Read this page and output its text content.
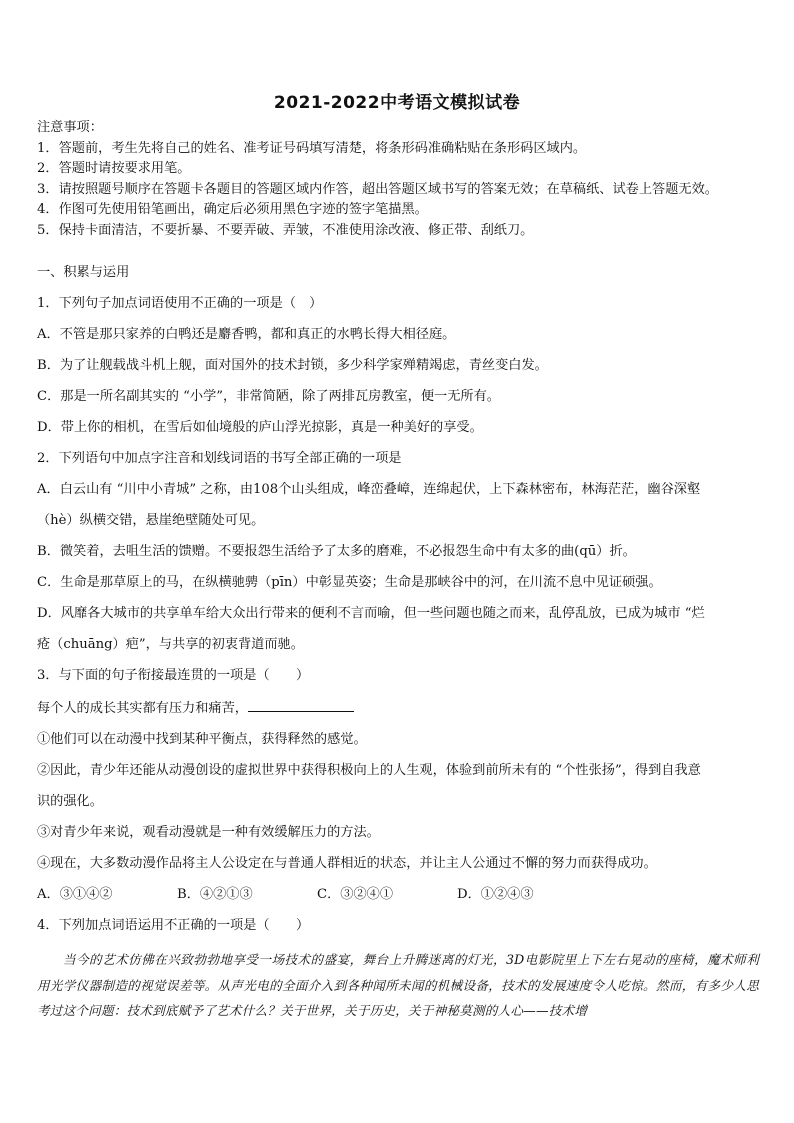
2021-2022中考语文模拟试卷

注意事项：

1．答题前，考生先将自己的姓名、准考证号码填写清楚，将条形码准确粘贴在条形码区域内。

2．答题时请按要求用笔。

3．请按照题号顺序在答题卡各题目的答题区域内作答，超出答题区域书写的答案无效；在草稿纸、试卷上答题无效。

4．作图可先使用铅笔画出，确定后必须用黑色字迹的签字笔描黑。

5．保持卡面清洁，不要折暴、不要弄破、弄皱，不准使用涂改液、修正带、刮纸刀。

一、积累与运用

1．下列句子加点词语使用不正确的一项是（　）

A．不管是那只家养的白鸭还是麝香鸭，都和真正的水鸭长得大相径庭。

B．为了让舰载战斗机上舰，面对国外的技术封锁，多少科学家殚精竭虑，青丝变白发。

C．那是一所名副其实的 “小学”，非常简陋，除了两排瓦房教室，便一无所有。

D．带上你的相机，在雪后如仙境般的庐山浮光掠影，真是一种美好的享受。

2．下列语句中加点字注音和划线词语的书写全部正确的一项是

A．白云山有 “川中小青城” 之称，由108个山头组成，峰峦叠嶂，连绵起伏，上下森林密布，林海茫茫，幽谷深壑

（hè）纵横交错，悬崖绝壁随处可见。

B．微笑着，去咀生活的馈赠。不要报怨生活给予了太多的磨难，不必报怨生命中有太多的曲(qū）折。

C．生命是那草原上的马，在纵横驰骋（pīn）中彰显英姿；生命是那峡谷中的河，在川流不息中见证硕强。

D．风靡各大城市的共享单车给大众出行带来的便利不言而喻，但一些问题也随之而来，乱停乱放，已成为城市 “烂

疮（chuāng）疤”，与共享的初衷背道而驰。

3．与下面的句子衔接最连贯的一项是（　　）

每个人的成长其实都有压力和痛苦，

①他们可以在动漫中找到某种平衡点，获得释然的感觉。

②因此，青少年还能从动漫创设的虚拟世界中获得积极向上的人生观，体验到前所未有的 “个性张扬”，得到自我意

识的强化。

③对青少年来说，观看动漫就是一种有效缓解压力的方法。

④现在，大多数动漫作品将主人公设定在与普通人群相近的状态，并让主人公通过不懈的努力而获得成功。

A．③①④②	B．④②①③	C．③②④①	D．①②④③

4．下列加点词语运用不正确的一项是（　　）

当今的艺术仿佛在兴致勃勃地享受一场技术的盛宴，舞台上升腾迷离的灯光，3D电影院里上下左右晃动的座椅，魔术师利用光学仪器制造的视觉误差等。从声光电的全面介入到各种闻所未闻的机械设备，技术的发展速度令人吃惊。然而，有多少人思考过这个问题：技术到底赋予了艺术什么？关于世界，关于历史，关于神秘莫测的人心——技术增
